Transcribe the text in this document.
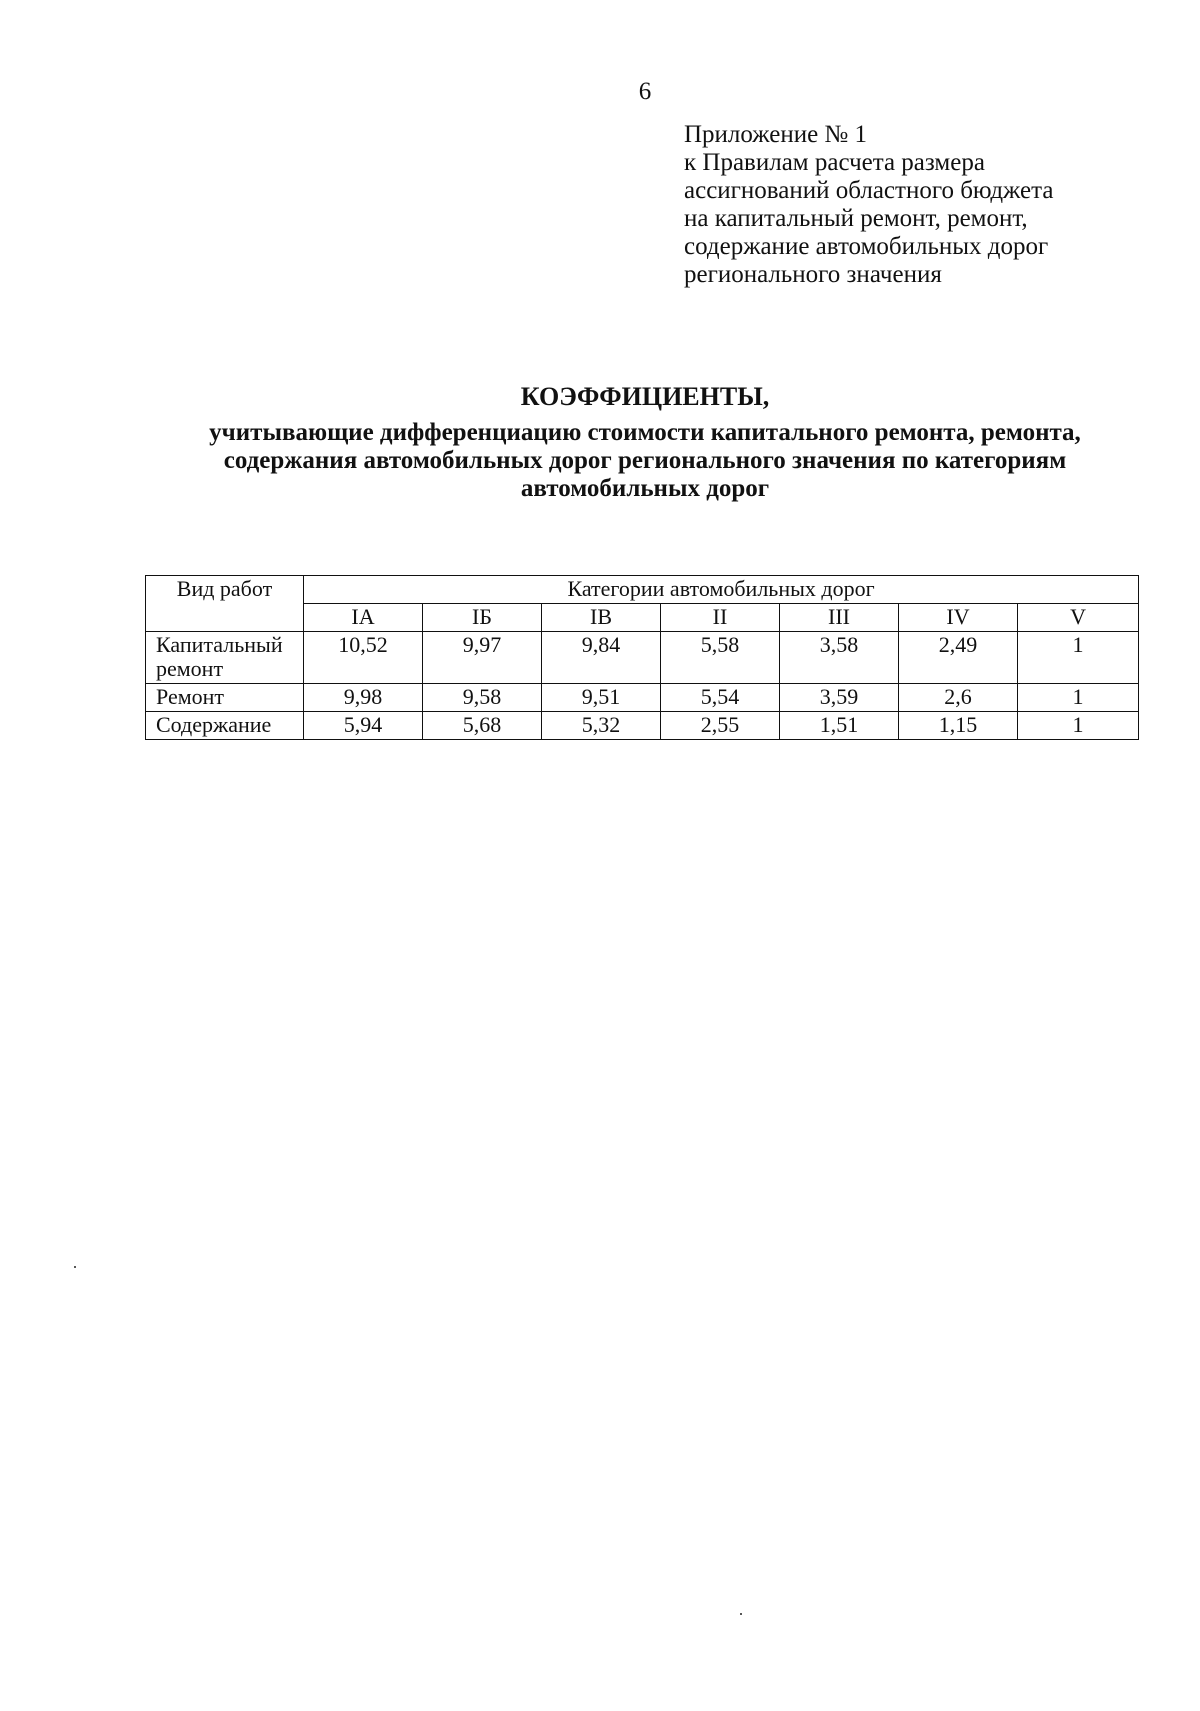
6
Приложение № 1
к Правилам расчета размера
ассигнований областного бюджета
на капитальный ремонт, ремонт,
содержание автомобильных дорог
регионального значения
КОЭФФИЦИЕНТЫ,
учитывающие дифференциацию стоимости капитального ремонта, ремонта,
содержания автомобильных дорог регионального значения по категориям
автомобильных дорог
Вид работ	Категории автомобильных дорог						
	IA	IБ	IB	II	III	IV	V

Капитальный
ремонт	10,52	9,97	9,84	5,58	3,58	2,49	1

Ремонт	9,98	9,58	9,51	5,54	3,59	2,6	1

Содержание	5,94	5,68	5,32	2,55	1,51	1,15	1
